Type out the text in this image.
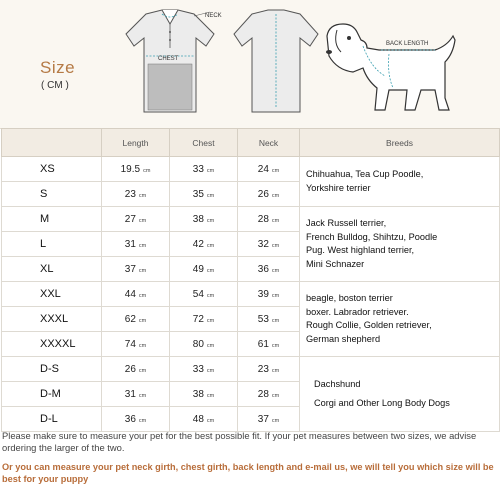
Size
( CM )
NECK
CHEST
BACK LENGTH
	Length	Chest	Neck	Breeds
XS	19.5 cm	33 cm	24 cm	Chihuahua, Tea Cup Poodle,
Yorkshire terrier

S	23 cm	35 cm	26 cm	
M	27 cm	38 cm	28 cm	Jack Russell terrier,
French Bulldog, Shihtzu, Poodle
Pug. West highland terrier,
Mini Schnazer

L	31 cm	42 cm	32 cm	
XL	37 cm	49 cm	36 cm	
XXL	44 cm	54 cm	39 cm	beagle, boston terrier
boxer. Labrador retriever.
Rough Collie, Golden retriever,
German shepherd

XXXL	62 cm	72 cm	53 cm	
XXXXL	74 cm	80 cm	61 cm	
D-S	26 cm	33 cm	23 cm	Dachshund
Corgi and Other Long Body Dogs

D-M	31 cm	38 cm	28 cm	
D-L	36 cm	48 cm	37 cm	
Please make sure to measure your pet for the best possible fit. If your pet measures between two sizes, we advise ordering the larger of the two.
Or you can measure your pet neck girth, chest girth, back length and e-mail us, we will tell you which size will be best for your puppy
